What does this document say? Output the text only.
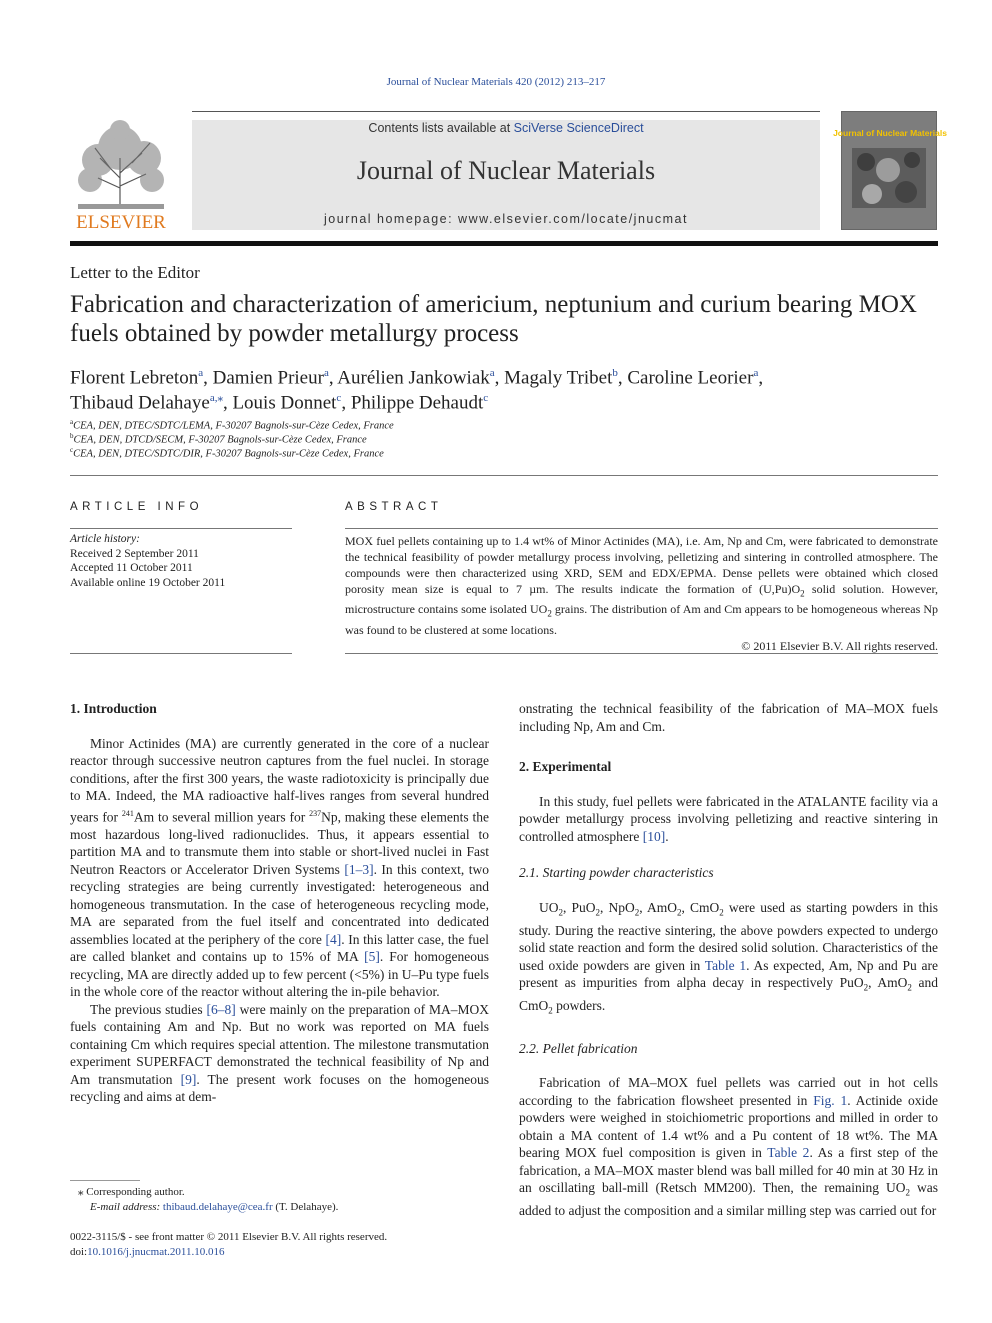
Journal of Nuclear Materials 420 (2012) 213–217
ELSEVIER
Contents lists available at SciVerse ScienceDirect
Journal of Nuclear Materials
journal homepage: www.elsevier.com/locate/jnucmat
Journal of Nuclear Materials
Letter to the Editor
Fabrication and characterization of americium, neptunium and curium bearing MOX fuels obtained by powder metallurgy process
Florent Lebreton$^a$, Damien Prieur$^a$, Aurélien Jankowiak$^a$, Magaly Tribet$^b$, Caroline Leorier$^a$,
Thibaud Delahaye$^{a,⁎}$, Louis Donnet$^c$, Philippe Dehaudt$^c$
$^a$CEA, DEN, DTEC/SDTC/LEMA, F-30207 Bagnols-sur-Cèze Cedex, France
$^b$CEA, DEN, DTCD/SECM, F-30207 Bagnols-sur-Cèze Cedex, France
$^c$CEA, DEN, DTEC/SDTC/DIR, F-30207 Bagnols-sur-Cèze Cedex, France
ARTICLE INFO
Article history:
Received 2 September 2011
Accepted 11 October 2011
Available online 19 October 2011
ABSTRACT
MOX fuel pellets containing up to 1.4 wt% of Minor Actinides (MA), i.e. Am, Np and Cm, were fabricated to demonstrate the technical feasibility of powder metallurgy process involving, pelletizing and sintering in controlled atmosphere. The compounds were then characterized using XRD, SEM and EDX/EPMA. Dense pellets were obtained which closed porosity mean size is equal to 7 µm. The results indicate the formation of $(U,Pu)O_2$ solid solution. However, microstructure contains some isolated $UO_2$ grains. The distribution of Am and Cm appears to be homogeneous whereas Np was found to be clustered at some locations.
© 2011 Elsevier B.V. All rights reserved.
1. Introduction

Minor Actinides (MA) are currently generated in the core of a nuclear reactor through successive neutron captures from the fuel nuclei. In storage conditions, after the first 300 years, the waste radiotoxicity is principally due to MA. Indeed, the MA radioactive half-lives ranges from several hundred years for $^{241}$Am to several million years for $^{237}$Np, making these elements the most hazardous long-lived radionuclides. Thus, it appears essential to partition MA and to transmute them into stable or short-lived nuclei in Fast Neutron Reactors or Accelerator Driven Systems [1–3]. In this context, two recycling strategies are being currently investigated: heterogeneous and homogeneous transmutation. In the case of heterogeneous recycling mode, MA are separated from the fuel itself and concentrated into dedicated assemblies located at the periphery of the core [4]. In this latter case, the fuel are called blanket and contains up to 15% of MA [5]. For homogeneous recycling, MA are directly added up to few percent (<5%) in U–Pu type fuels in the whole core of the reactor without altering the in-pile behavior.

The previous studies [6–8] were mainly on the preparation of MA–MOX fuels containing Am and Np. But no work was reported on MA fuels containing Cm which requires special attention. The milestone transmutation experiment SUPERFACT demonstrated the technical feasibility of Np and Am transmutation [9]. The present work focuses on the homogeneous recycling and aims at dem-

onstrating the technical feasibility of the fabrication of MA–MOX fuels including Np, Am and Cm.

2. Experimental

In this study, fuel pellets were fabricated in the ATALANTE facility via a powder metallurgy process involving pelletizing and reactive sintering in controlled atmosphere [10].

2.1. Starting powder characteristics

$UO_2$, PuO$_2$, NpO$_2$, AmO$_2$, CmO$_2$ were used as starting powders in this study. During the reactive sintering, the above powders expected to undergo solid state reaction and form the desired solid solution. Characteristics of the used oxide powders are given in Table 1. As expected, Am, Np and Pu are present as impurities from alpha decay in respectively PuO$_2$, AmO$_2$ and CmO$_2$ powders.

2.2. Pellet fabrication

Fabrication of MA–MOX fuel pellets was carried out in hot cells according to the fabrication flowsheet presented in Fig. 1. Actinide oxide powders were weighed in stoichiometric proportions and milled in order to obtain a MA content of 1.4 wt% and a Pu content of 18 wt%. The MA bearing MOX fuel composition is given in Table 2. As a first step of the fabrication, a MA–MOX master blend was ball milled for 40 min at 30 Hz in an oscillating ball-mill (Retsch MM200). Then, the remaining $UO_2$ was added to adjust the composition and a similar milling step was carried out for

⁎ Corresponding author.
E-mail address: thibaud.delahaye@cea.fr (T. Delahaye).
0022-3115/$ - see front matter © 2011 Elsevier B.V. All rights reserved.
doi:10.1016/j.jnucmat.2011.10.016
